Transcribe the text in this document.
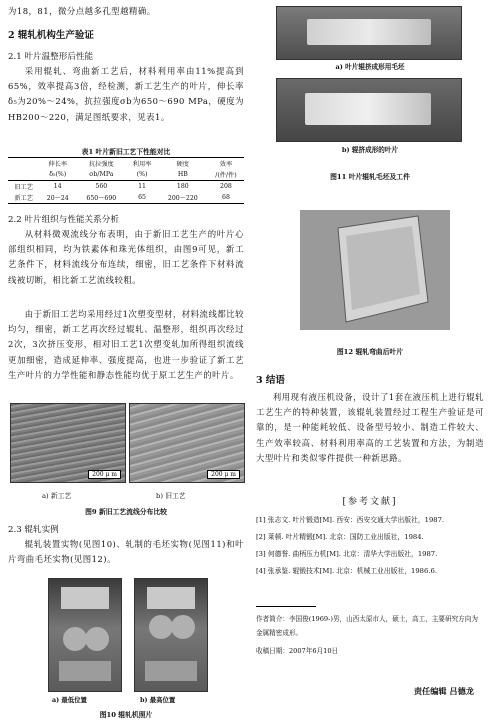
为18，81，微分点越多孔型越精确。

2 辊轧机构生产验证

2.1 叶片温整形后性能

采用辊轧、弯曲新工艺后，材料利用率由11%提高到65%，效率提高3倍，经检测，新工艺生产的叶片，伸长率δ₅为20%～24%，抗拉强度σb为650～690 MPa，硬度为HB200～220，满足图纸要求，见表1。

表1 叶片新旧工艺下性能对比
	伸长率	抗拉强度	利用率	硬度	效率
	δ₅(%)	σb/MPa	(%)	HB	/(件/件)
旧工艺	14	560	11	180	208
新工艺	20～24	650～690	65	200～220	68

2.2 叶片组织与性能关系分析

从材料微观流线分布表明，由于新旧工艺生产的叶片心部组织相同，均为铁素体和珠光体组织，由图9可见，新工艺条件下，材料流线分布连续，细密，旧工艺条件下材料流线被切断，相比新工艺流线较粗。

由于新旧工艺均采用经过1次塑变型材，材料流线都比较均匀，细密，新工艺再次经过辊轧、温整形，组织再次经过2次，3次挤压变形，相对旧工艺1次塑变轧加所得组织流线更加细密，造成延伸率、强度提高，也进一步验证了新工艺生产叶片的力学性能和静态性能均优于原工艺生产的叶片。

200 μ m	200 μ m
a) 新工艺	b) 旧工艺
图9 新旧工艺流线分布比较

2.3 辊轧实例

辊轧装置实物(见图10)、轧制的毛坯实物(见图11)和叶片弯曲毛坯实物(见图12)。

a) 最低位置	b) 最高位置
图10 辊轧机照片
a) 叶片辊挤成形用毛坯
b) 辊挤成形的叶片
图11 叶片辊轧毛坯及工件
图12 辊轧弯曲后叶片

3 结语

利用现有液压机设备，设计了1套在液压机上进行辊轧工艺生产的特种装置，该辊轧装置经过工程生产验证是可靠的，是一种能耗较低、设备型号较小、制造工件较大、生产效率较高、材料利用率高的工艺装置和方法，为制造大型叶片和类似零件提供一种新思路。

[参考文献]

[1] 张志文. 叶片锻造[M]. 西安：西安交通大学出版社，1987.

[2] 莱顿. 叶片精锻[M]. 北京：国防工业出版社，1984.

[3] 何德誉. 曲柄压力机[M]. 北京：清华大学出版社，1987.

[4] 张承鉴. 辊锻技术[M]. 北京：机械工业出版社，1986.6.

作者简介：李国俊(1969-)男，山西太原市人，硕士，高工，主要研究方向为金属精密成形。

收稿日期：2007年6月10日

责任编辑 吕德龙
